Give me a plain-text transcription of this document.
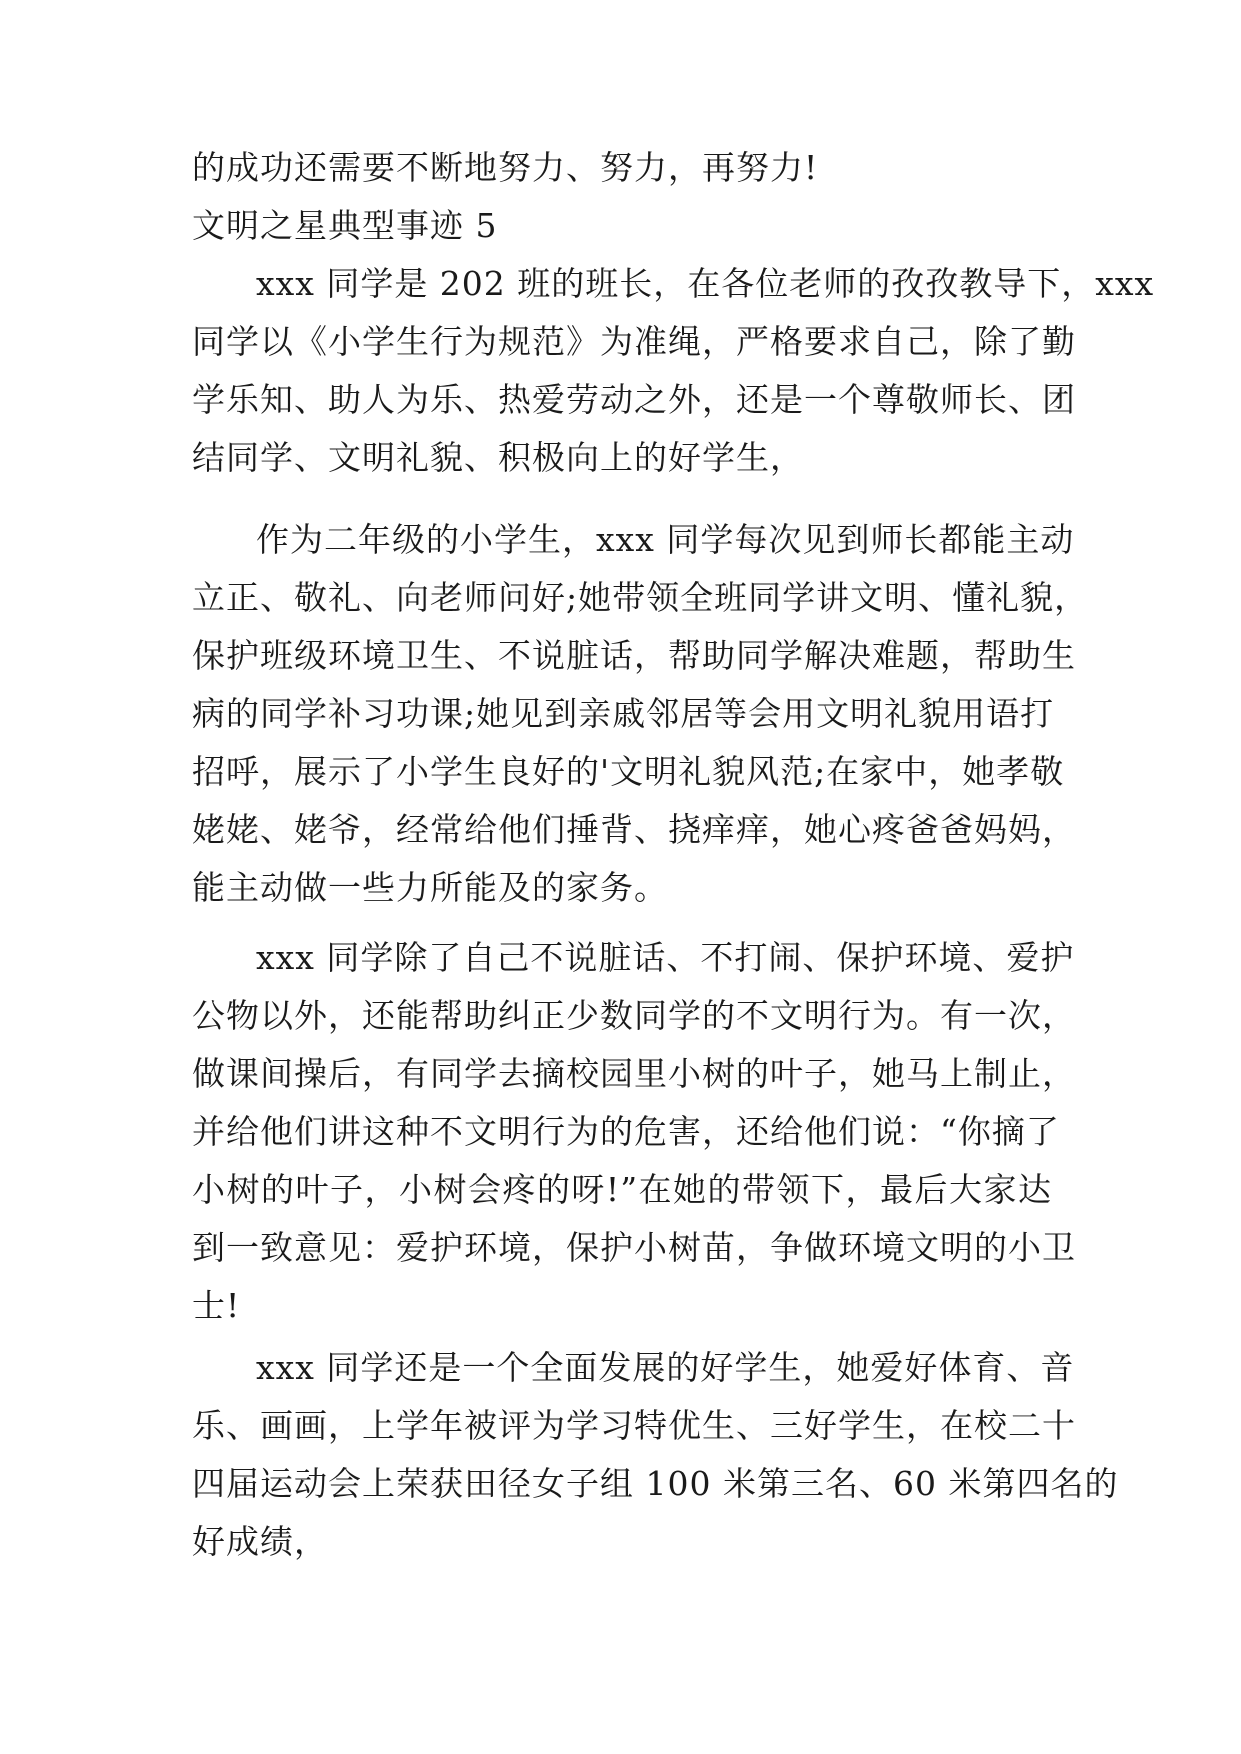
的成功还需要不断地努力、努力，再努力!
文明之星典型事迹 5
xxx 同学是 202 班的班长，在各位老师的孜孜教导下，xxx
同学以《小学生行为规范》为准绳，严格要求自己，除了勤
学乐知、助人为乐、热爱劳动之外，还是一个尊敬师长、团
结同学、文明礼貌、积极向上的好学生，
作为二年级的小学生，xxx 同学每次见到师长都能主动
立正、敬礼、向老师问好;她带领全班同学讲文明、懂礼貌，
保护班级环境卫生、不说脏话，帮助同学解决难题，帮助生
病的同学补习功课;她见到亲戚邻居等会用文明礼貌用语打
招呼，展示了小学生良好的'文明礼貌风范;在家中，她孝敬
姥姥、姥爷，经常给他们捶背、挠痒痒，她心疼爸爸妈妈，
能主动做一些力所能及的家务。
xxx 同学除了自己不说脏话、不打闹、保护环境、爱护
公物以外，还能帮助纠正少数同学的不文明行为。有一次，
做课间操后，有同学去摘校园里小树的叶子，她马上制止，
并给他们讲这种不文明行为的危害，还给他们说：“你摘了
小树的叶子，小树会疼的呀!”在她的带领下，最后大家达
到一致意见：爱护环境，保护小树苗，争做环境文明的小卫
士!
xxx 同学还是一个全面发展的好学生，她爱好体育、音
乐、画画，上学年被评为学习特优生、三好学生，在校二十
四届运动会上荣获田径女子组 100 米第三名、60 米第四名的
好成绩，
